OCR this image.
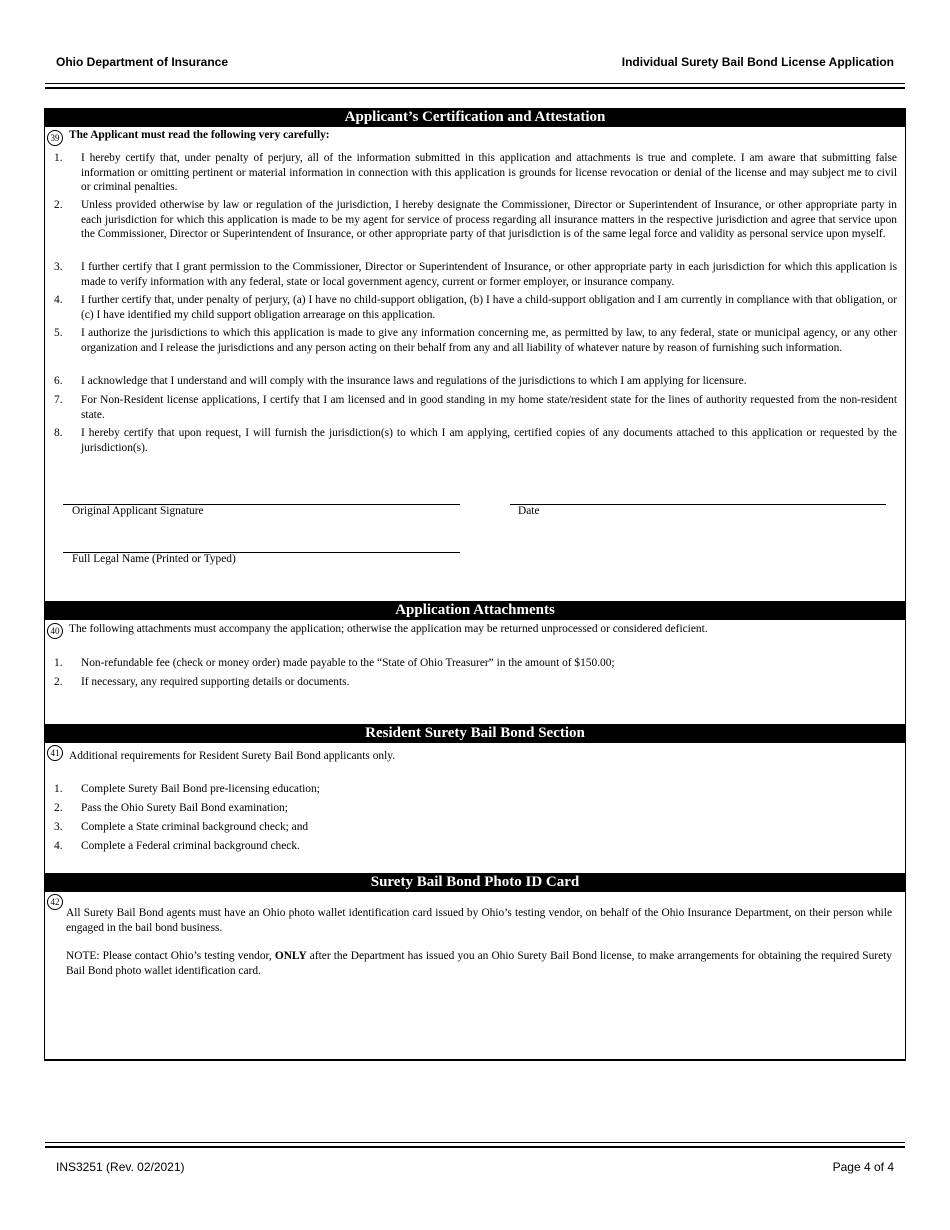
Ohio Department of Insurance	Individual Surety Bail Bond License Application
Applicant’s Certification and Attestation
39 The Applicant must read the following very carefully:
1. I hereby certify that, under penalty of perjury, all of the information submitted in this application and attachments is true and complete. I am aware that submitting false information or omitting pertinent or material information in connection with this application is grounds for license revocation or denial of the license and may subject me to civil or criminal penalties.
2. Unless provided otherwise by law or regulation of the jurisdiction, I hereby designate the Commissioner, Director or Superintendent of Insurance, or other appropriate party in each jurisdiction for which this application is made to be my agent for service of process regarding all insurance matters in the respective jurisdiction and agree that service upon the Commissioner, Director or Superintendent of Insurance, or other appropriate party of that jurisdiction is of the same legal force and validity as personal service upon myself.
3. I further certify that I grant permission to the Commissioner, Director or Superintendent of Insurance, or other appropriate party in each jurisdiction for which this application is made to verify information with any federal, state or local government agency, current or former employer, or insurance company.
4. I further certify that, under penalty of perjury, (a) I have no child-support obligation, (b) I have a child-support obligation and I am currently in compliance with that obligation, or (c) I have identified my child support obligation arrearage on this application.
5. I authorize the jurisdictions to which this application is made to give any information concerning me, as permitted by law, to any federal, state or municipal agency, or any other organization and I release the jurisdictions and any person acting on their behalf from any and all liability of whatever nature by reason of furnishing such information.
6. I acknowledge that I understand and will comply with the insurance laws and regulations of the jurisdictions to which I am applying for licensure.
7. For Non-Resident license applications, I certify that I am licensed and in good standing in my home state/resident state for the lines of authority requested from the non-resident state.
8. I hereby certify that upon request, I will furnish the jurisdiction(s) to which I am applying, certified copies of any documents attached to this application or requested by the jurisdiction(s).
Original Applicant Signature	Date
Full Legal Name (Printed or Typed)
Application Attachments
40 The following attachments must accompany the application; otherwise the application may be returned unprocessed or considered deficient.
1. Non-refundable fee (check or money order) made payable to the “State of Ohio Treasurer” in the amount of $150.00;
2. If necessary, any required supporting details or documents.
Resident Surety Bail Bond Section
41 Additional requirements for Resident Surety Bail Bond applicants only.
1. Complete Surety Bail Bond pre-licensing education;
2. Pass the Ohio Surety Bail Bond examination;
3. Complete a State criminal background check; and
4. Complete a Federal criminal background check.
Surety Bail Bond Photo ID Card
42
All Surety Bail Bond agents must have an Ohio photo wallet identification card issued by Ohio’s testing vendor, on behalf of the Ohio Insurance Department, on their person while engaged in the bail bond business.
NOTE: Please contact Ohio’s testing vendor, ONLY after the Department has issued you an Ohio Surety Bail Bond license, to make arrangements for obtaining the required Surety Bail Bond photo wallet identification card.
INS3251 (Rev. 02/2021)	Page 4 of 4
